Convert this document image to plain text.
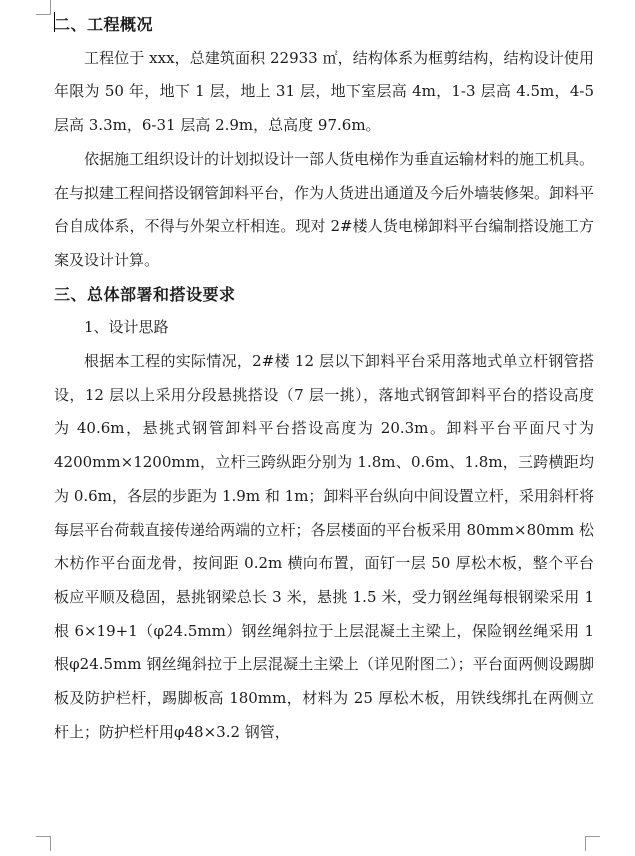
二、工程概况

工程位于 xxx，总建筑面积 22933 ㎡，结构体系为框剪结构，结构设计使用年限为 50 年，地下 1 层，地上 31 层，地下室层高 4m，1-3 层高 4.5m，4-5 层高 3.3m，6-31 层高 2.9m，总高度 97.6m。

依据施工组织设计的计划拟设计一部人货电梯作为垂直运输材料的施工机具。在与拟建工程间搭设钢管卸料平台，作为人货进出通道及今后外墙装修架。卸料平台自成体系，不得与外架立杆相连。现对 2#楼人货电梯卸料平台编制搭设施工方案及设计计算。

三、总体部署和搭设要求

1、设计思路

根据本工程的实际情况，2#楼 12 层以下卸料平台采用落地式单立杆钢管搭设，12 层以上采用分段悬挑搭设（7 层一挑），落地式钢管卸料平台的搭设高度为 40.6m，悬挑式钢管卸料平台搭设高度为 20.3m。卸料平台平面尺寸为 4200mm×1200mm，立杆三跨纵距分别为 1.8m、0.6m、1.8m，三跨横距均为 0.6m，各层的步距为 1.9m 和 1m；卸料平台纵向中间设置立杆，采用斜杆将每层平台荷载直接传递给两端的立杆；各层楼面的平台板采用 80mm×80mm 松木枋作平台面龙骨，按间距 0.2m 横向布置，面钉一层 50 厚松木板，整个平台板应平顺及稳固，悬挑钢梁总长 3 米，悬挑 1.5 米，受力钢丝绳每根钢梁采用 1 根 6×19+1（φ24.5mm）钢丝绳斜拉于上层混凝土主梁上，保险钢丝绳采用 1 根φ24.5mm 钢丝绳斜拉于上层混凝土主梁上（详见附图二）；平台面两侧设踢脚板及防护栏杆，踢脚板高 180mm，材料为 25 厚松木板，用铁线绑扎在两侧立杆上；防护栏杆用φ48×3.2 钢管，
